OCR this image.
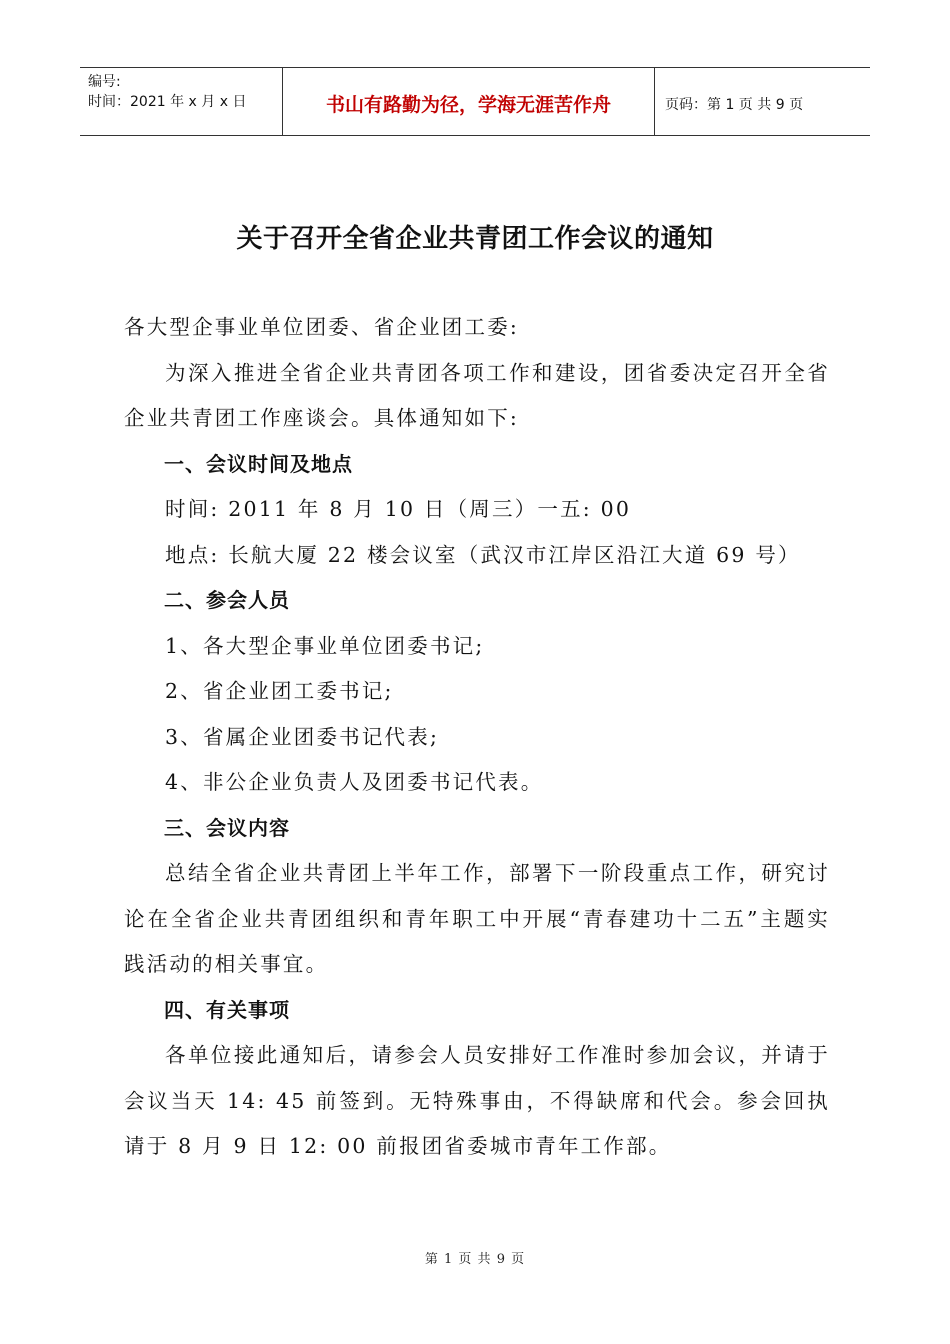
编号:
时间：2021 年 x 月 x 日	书山有路勤为径，学海无涯苦作舟	页码：第 1 页 共 9 页
关于召开全省企业共青团工作会议的通知

各大型企事业单位团委、省企业团工委:

为深入推进全省企业共青团各项工作和建设，团省委决定召开全省企业共青团工作座谈会。具体通知如下:

一、会议时间及地点

时间: 2011 年 8 月 10 日（周三）一五: 00

地点: 长航大厦 22 楼会议室（武汉市江岸区沿江大道 69 号）

二、参会人员

1、各大型企事业单位团委书记;

2、省企业团工委书记;

3、省属企业团委书记代表;

4、非公企业负责人及团委书记代表。

三、会议内容

总结全省企业共青团上半年工作，部署下一阶段重点工作，研究讨论在全省企业共青团组织和青年职工中开展“青春建功十二五”主题实践活动的相关事宜。

四、有关事项

各单位接此通知后，请参会人员安排好工作准时参加会议，并请于会议当天 14: 45 前签到。无特殊事由，不得缺席和代会。参会回执请于 8 月 9 日 12: 00 前报团省委城市青年工作部。

第 1 页 共 9 页
